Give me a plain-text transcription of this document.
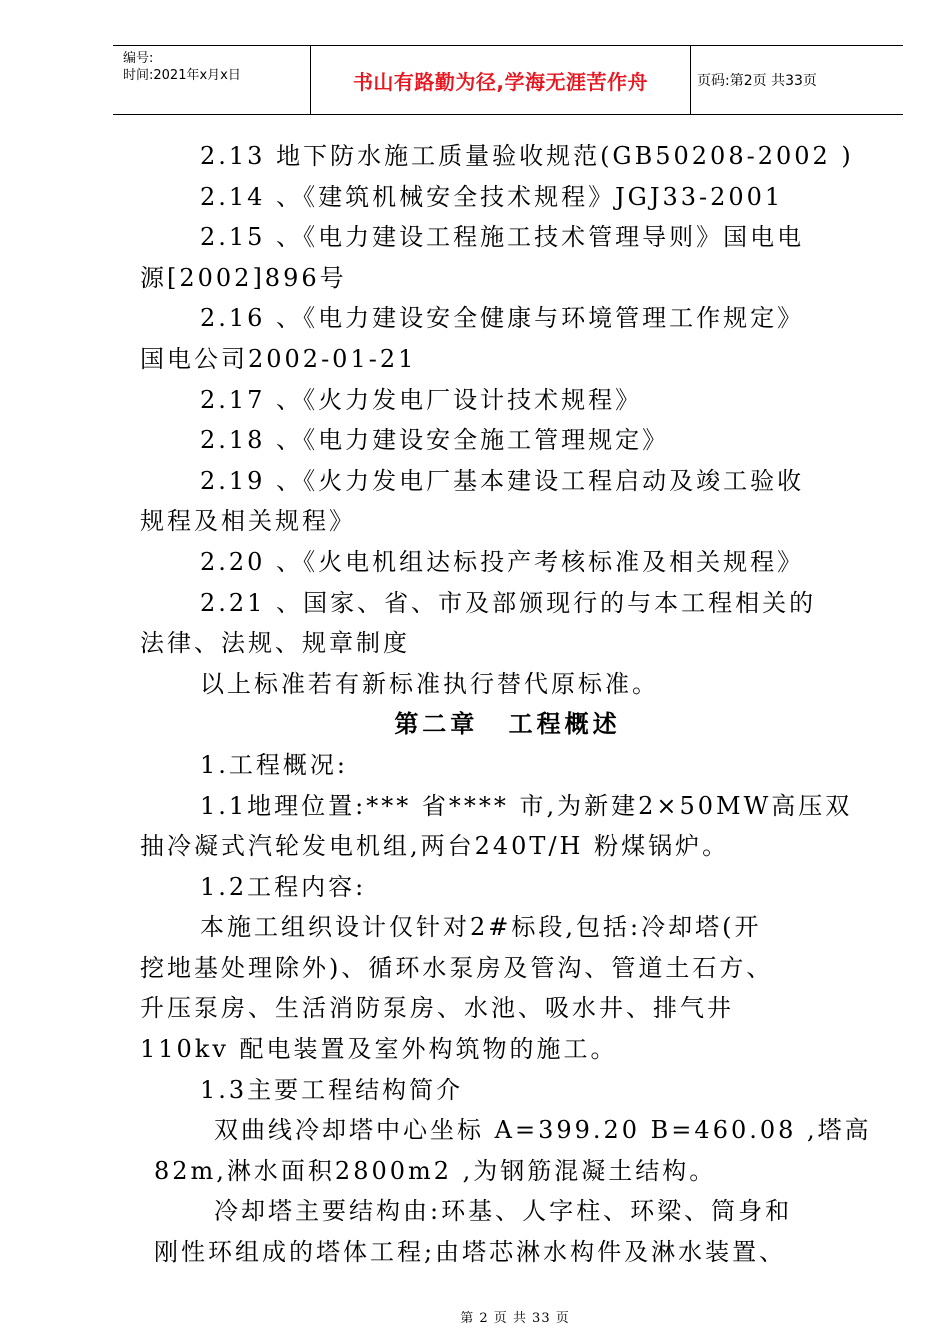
编号:
时间:2021年x月x日	书山有路勤为径,学海无涯苦作舟	页码:第2页 共33页

2.13 地下防水施工质量验收规范(GB50208-2002 )

2.14 、《建筑机械安全技术规程》JGJ33-2001

2.15 、《电力建设工程施工技术管理导则》国电电

源[2002]896号

2.16 、《电力建设安全健康与环境管理工作规定》

国电公司2002-01-21

2.17 、《火力发电厂设计技术规程》

2.18 、《电力建设安全施工管理规定》

2.19 、《火力发电厂基本建设工程启动及竣工验收

规程及相关规程》

2.20 、《火电机组达标投产考核标准及相关规程》

2.21 、国家、省、市及部颁现行的与本工程相关的

法律、法规、规章制度

以上标准若有新标准执行替代原标准。

第二章 工程概述

1.工程概况:

1.1地理位置:*** 省**** 市,为新建2×50MW高压双

抽冷凝式汽轮发电机组,两台240T/H 粉煤锅炉。

1.2工程内容:

本施工组织设计仅针对2#标段,包括:冷却塔(开

挖地基处理除外)、循环水泵房及管沟、管道土石方、

升压泵房、生活消防泵房、水池、吸水井、排气井

110kv 配电装置及室外构筑物的施工。

1.3主要工程结构简介

双曲线冷却塔中心坐标 A=399.20 B=460.08 ,塔高

82m,淋水面积2800m2 ,为钢筋混凝土结构。

冷却塔主要结构由:环基、人字柱、环梁、筒身和

刚性环组成的塔体工程;由塔芯淋水构件及淋水装置、

第 2 页 共 33 页
